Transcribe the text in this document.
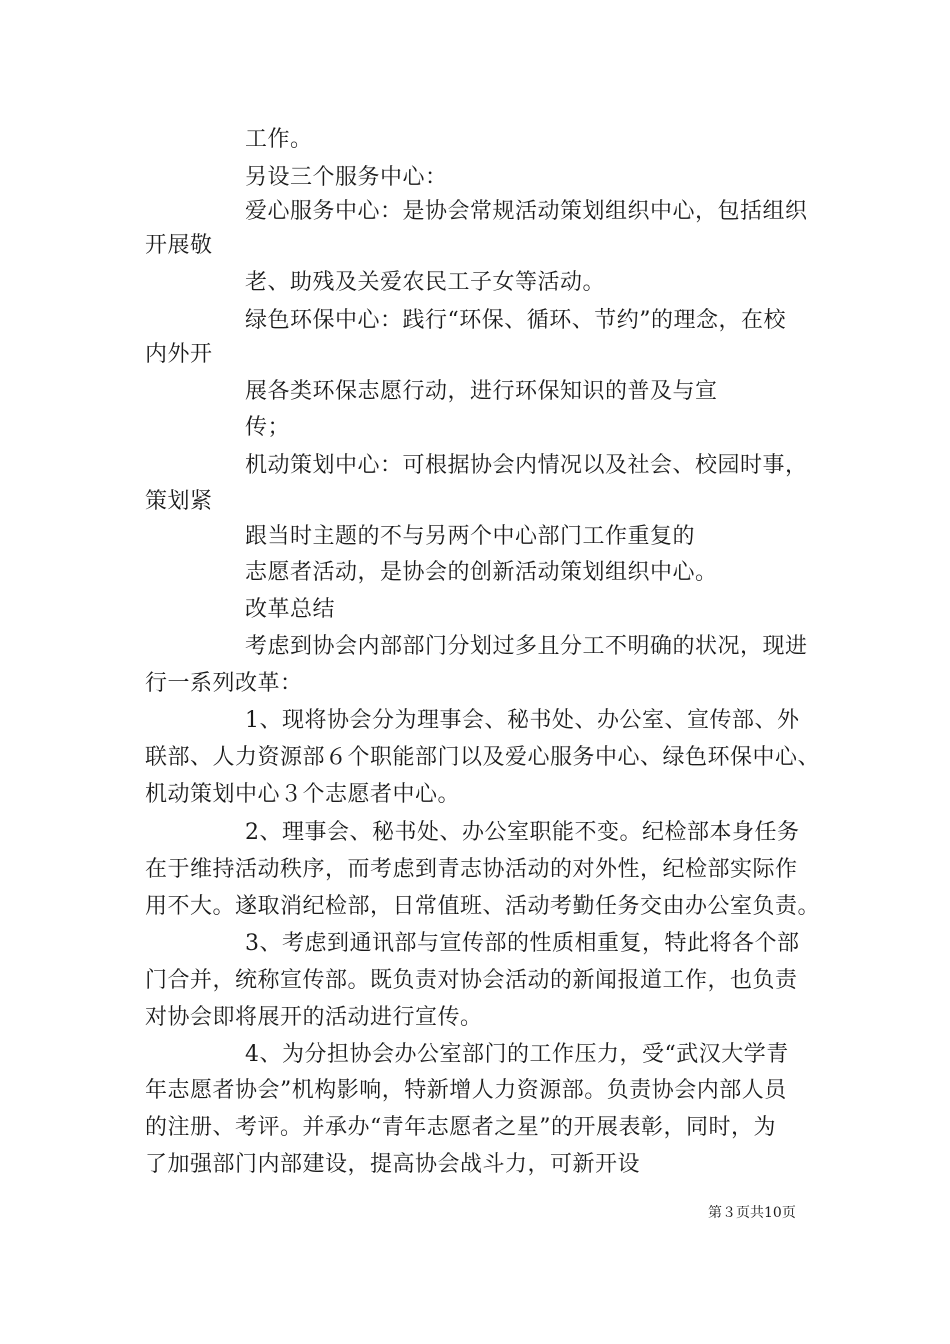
工作。
另设三个服务中心：
爱心服务中心：是协会常规活动策划组织中心，包括组织
开展敬
老、助残及关爱农民工子女等活动。
绿色环保中心：践行“环保、循环、节约”的理念，在校
内外开
展各类环保志愿行动，进行环保知识的普及与宣
传；
机动策划中心：可根据协会内情况以及社会、校园时事，
策划紧
跟当时主题的不与另两个中心部门工作重复的
志愿者活动，是协会的创新活动策划组织中心。
改革总结
考虑到协会内部部门分划过多且分工不明确的状况，现进
行一系列改革：
1、现将协会分为理事会、秘书处、办公室、宣传部、外
联部、人力资源部６个职能部门以及爱心服务中心、绿色环保中心、
机动策划中心３个志愿者中心。
2、理事会、秘书处、办公室职能不变。纪检部本身任务
在于维持活动秩序，而考虑到青志协活动的对外性，纪检部实际作
用不大。遂取消纪检部，日常值班、活动考勤任务交由办公室负责。
3、考虑到通讯部与宣传部的性质相重复，特此将各个部
门合并，统称宣传部。既负责对协会活动的新闻报道工作，也负责
对协会即将展开的活动进行宣传。
4、为分担协会办公室部门的工作压力，受“武汉大学青
年志愿者协会”机构影响，特新增人力资源部。负责协会内部人员
的注册、考评。并承办“青年志愿者之星”的开展表彰，同时，为
了加强部门内部建设，提高协会战斗力，可新开设
第３页共10页
